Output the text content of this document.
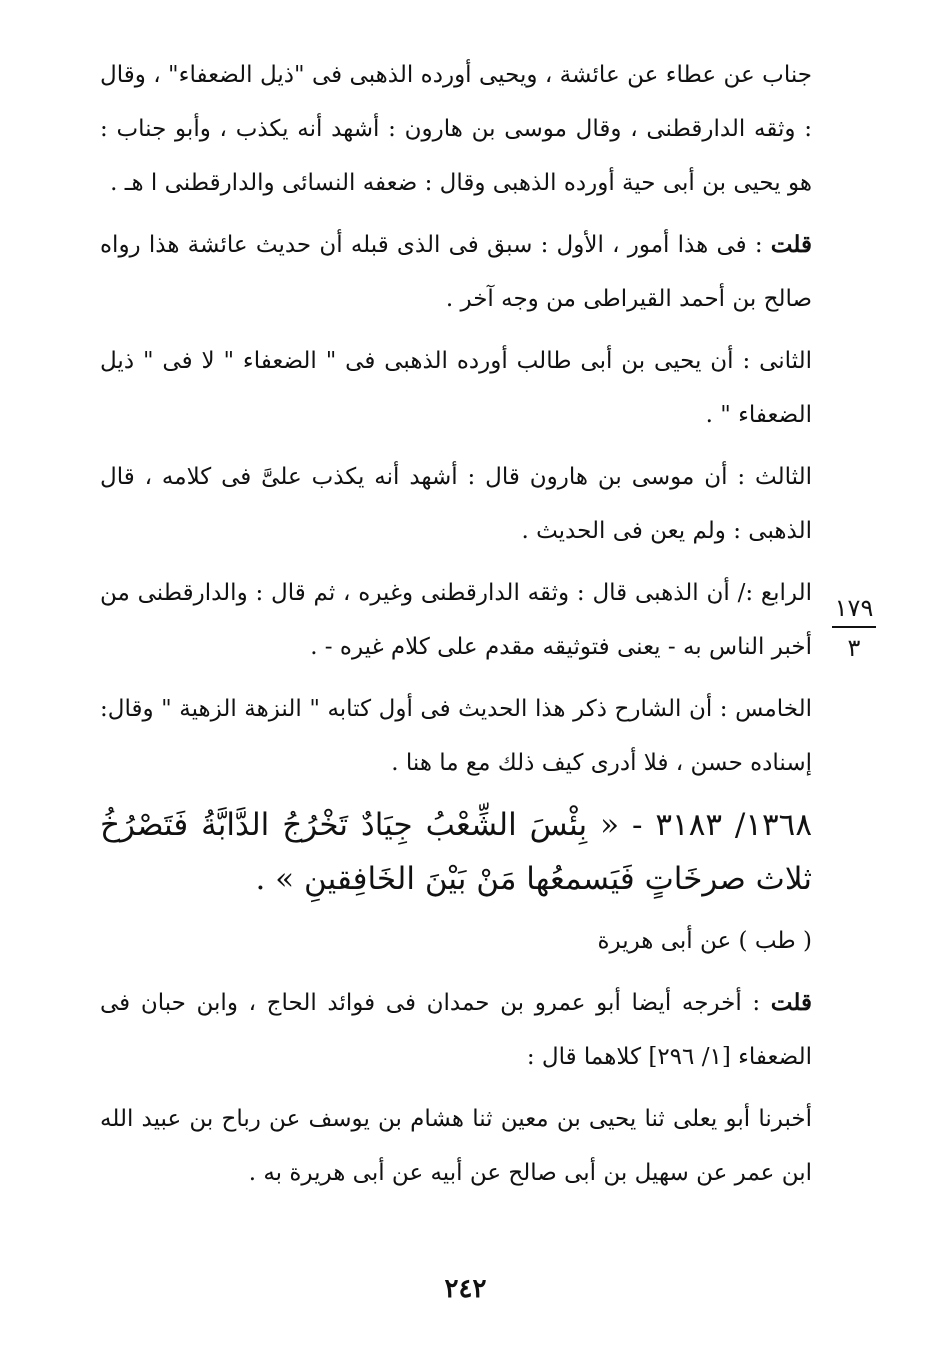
جناب عن عطاء عن عائشة ، ويحيى أورده الذهبى فى "ذيل الضعفاء" ، وقال : وثقه الدارقطنى ، وقال موسى بن هارون : أشهد أنه يكذب ، وأبو جناب : هو يحيى بن أبى حية أورده الذهبى وقال : ضعفه النسائى والدارقطنى ا هـ .

قلت : فى هذا أمور ، الأول : سبق فى الذى قبله أن حديث عائشة هذا رواه صالح بن أحمد القيراطى من وجه آخر .

الثانى : أن يحيى بن أبى طالب أورده الذهبى فى " الضعفاء " لا فى " ذيل الضعفاء " .

الثالث : أن موسى بن هارون قال : أشهد أنه يكذب علىَّ فى كلامه ، قال الذهبى : ولم يعن فى الحديث .

الرابع :/ أن الذهبى قال : وثقه الدارقطنى وغيره ، ثم قال : والدارقطنى من أخبر الناس به - يعنى فتوثيقه مقدم على كلام غيره - .

الخامس : أن الشارح ذكر هذا الحديث فى أول كتابه " النزهة الزهية " وقال: إسناده حسن ، فلا أدرى كيف ذلك مع ما هنا .

١٣٦٨/ ٣١٨٣ - « بِئْسَ الشِّعْبُ جِيَادٌ تَخْرُجُ الدَّابَّةُ فَتَصْرُخُ ثلاث صرخَاتٍ فَيَسمعُها مَنْ بَيْنَ الخَافِقينِ » .

( طب ) عن أبى هريرة

قلت : أخرجه أيضا أبو عمرو بن حمدان فى فوائد الحاج ، وابن حبان فى الضعفاء [١/ ٢٩٦] كلاهما قال :

أخبرنا أبو يعلى ثنا يحيى بن معين ثنا هشام بن يوسف عن رباح بن عبيد الله ابن عمر عن سهيل بن أبى صالح عن أبيه عن أبى هريرة به .

١٧٩
٣
٢٤٢
